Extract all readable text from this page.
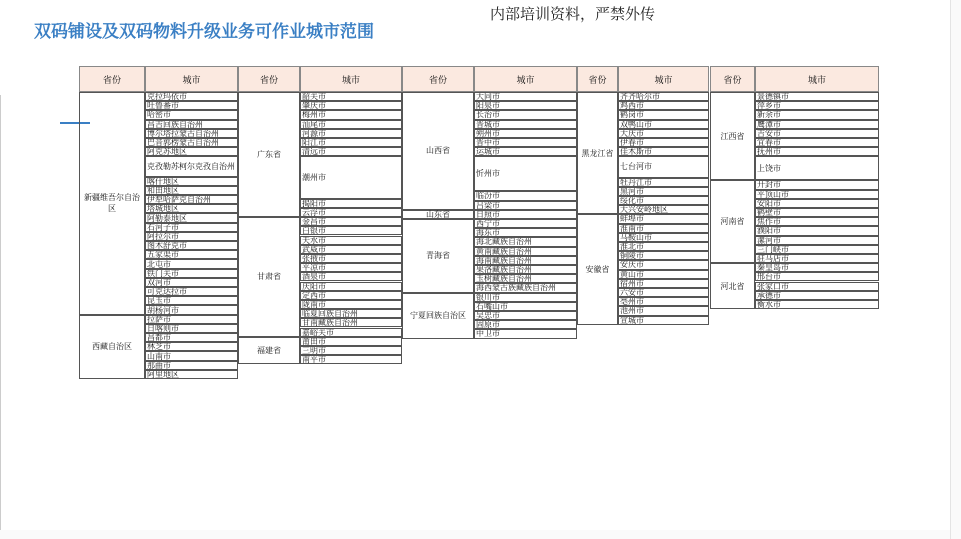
双码铺设及双码物料升级业务可作业城市范围
内部培训资料，严禁外传
省份	城市
新疆维吾尔自治区
克拉玛依市
吐鲁番市
哈密市
昌吉回族自治州
博尔塔拉蒙古自治州
巴音郭楞蒙古自治州
阿克苏地区
克孜勒苏柯尔克孜自治州
喀什地区
和田地区
伊犁哈萨克自治州
塔城地区
阿勒泰地区
石河子市
阿拉尔市
图木舒克市
五家渠市
北屯市
铁门关市
双河市
可克达拉市
昆玉市
胡杨河市
西藏自治区
拉萨市
日喀则市
昌都市
林芝市
山南市
那曲市
阿里地区
省份	城市
广东省
韶关市
肇庆市
梅州市
汕尾市
河源市
阳江市
清远市
潮州市
揭阳市
云浮市
甘肃省
金昌市
白银市
天水市
武威市
张掖市
平凉市
酒泉市
庆阳市
定西市
陇南市
临夏回族自治州
甘南藏族自治州
嘉峪关市
福建省
莆田市
三明市
南平市
省份	城市
山西省
大同市
阳泉市
长治市
晋城市
朔州市
晋中市
运城市
忻州市
临汾市
吕梁市
山东省	日照市
青海省
西宁市
海东市
海北藏族自治州
黄南藏族自治州
海南藏族自治州
果洛藏族自治州
玉树藏族自治州
海西蒙古族藏族自治州
宁夏回族自治区
银川市
石嘴山市
吴忠市
固原市
中卫市
省份	城市
黑龙江省
齐齐哈尔市
鸡西市
鹤岗市
双鸭山市
大庆市
伊春市
佳木斯市
七台河市
牡丹江市
黑河市
绥化市
大兴安岭地区
安徽省
蚌埠市
淮南市
马鞍山市
淮北市
铜陵市
安庆市
黄山市
宿州市
六安市
亳州市
池州市
宣城市
省份	城市
江西省
景德镇市
萍乡市
新余市
鹰潭市
吉安市
宜春市
抚州市
上饶市
河南省
开封市
平顶山市
安阳市
鹤壁市
焦作市
濮阳市
漯河市
三门峡市
驻马店市
河北省
秦皇岛市
邢台市
张家口市
承德市
衡水市
